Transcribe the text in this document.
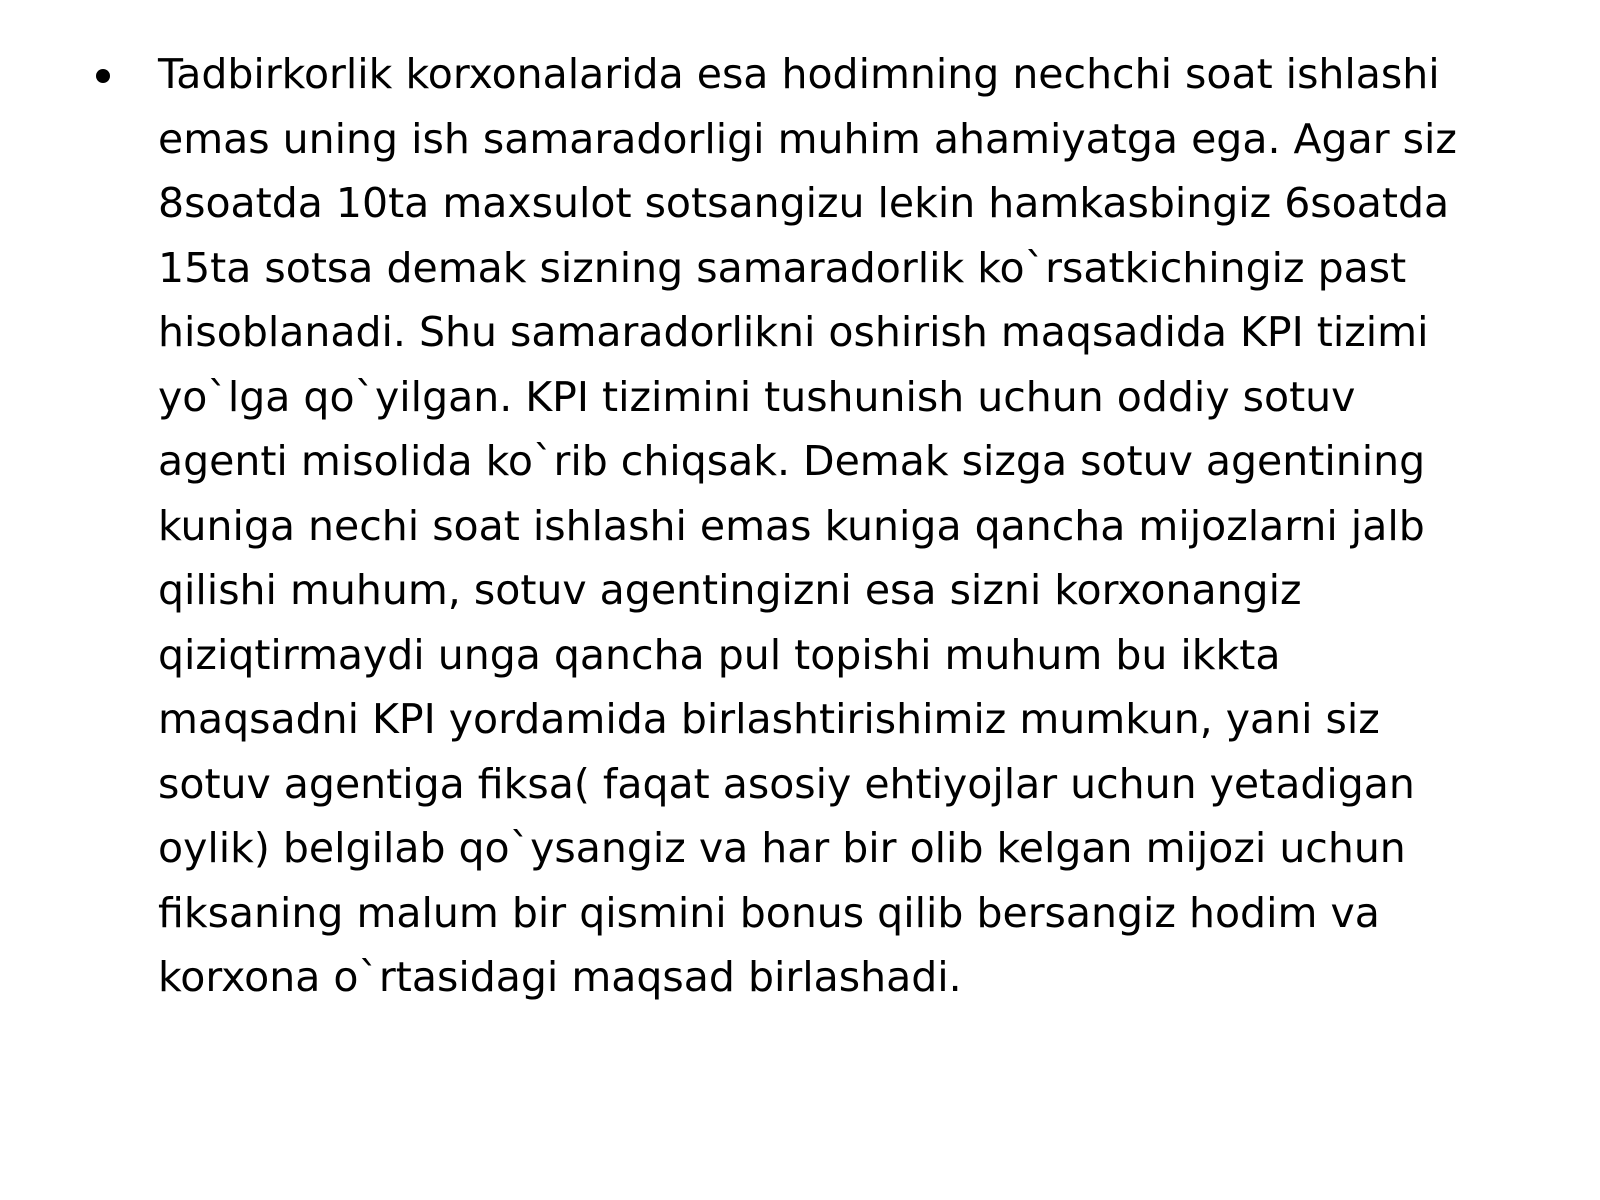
Tadbirkorlik korxonalarida esa hodimning nechchi soat ishlashi
emas uning ish samaradorligi muhim ahamiyatga ega. Agar siz
8soatda 10ta maxsulot sotsangizu lekin hamkasbingiz 6soatda
15ta sotsa demak sizning samaradorlik ko`rsatkichingiz past
hisoblanadi. Shu samaradorlikni oshirish maqsadida KPI tizimi
yo`lga qo`yilgan. KPI tizimini tushunish uchun oddiy sotuv
agenti misolida ko`rib chiqsak. Demak sizga sotuv agentining
kuniga nechi soat ishlashi emas kuniga qancha mijozlarni jalb
qilishi muhum, sotuv agentingizni esa sizni korxonangiz
qiziqtirmaydi unga qancha pul topishi muhum bu ikkta
maqsadni KPI yordamida birlashtirishimiz mumkun, yani siz
sotuv agentiga fiksa( faqat asosiy ehtiyojlar uchun yetadigan
oylik) belgilab qo`ysangiz va har bir olib kelgan mijozi uchun
fiksaning malum bir qismini bonus qilib bersangiz hodim va
korxona o`rtasidagi maqsad birlashadi.
